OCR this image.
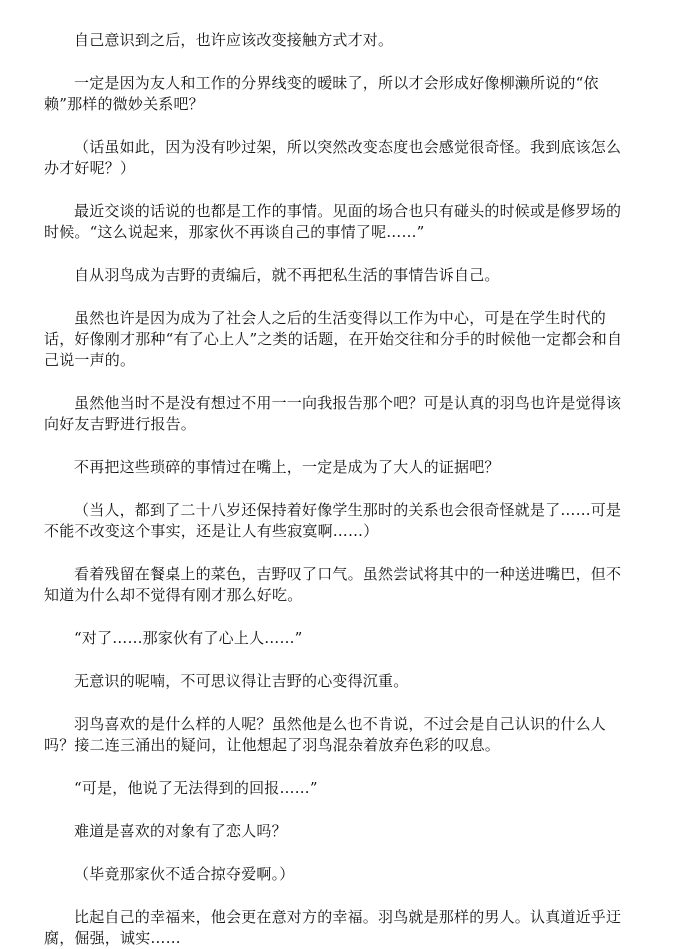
自己意识到之后，也许应该改变接触方式才对。

一定是因为友人和工作的分界线变的暧昧了，所以才会形成好像柳濑所说的“依赖”那样的微妙关系吧？

（话虽如此，因为没有吵过架，所以突然改变态度也会感觉很奇怪。我到底该怎么办才好呢？）

最近交谈的话说的也都是工作的事情。见面的场合也只有碰头的时候或是修罗场的时候。“这么说起来，那家伙不再谈自己的事情了呢……”

自从羽鸟成为吉野的责编后，就不再把私生活的事情告诉自己。

虽然也许是因为成为了社会人之后的生活变得以工作为中心，可是在学生时代的话，好像刚才那种“有了心上人”之类的话题，在开始交往和分手的时候他一定都会和自己说一声的。

虽然他当时不是没有想过不用一一向我报告那个吧？可是认真的羽鸟也许是觉得该向好友吉野进行报告。

不再把这些琐碎的事情过在嘴上，一定是成为了大人的证据吧？

（当人，都到了二十八岁还保持着好像学生那时的关系也会很奇怪就是了……可是不能不改变这个事实，还是让人有些寂寞啊……）

看着残留在餐桌上的菜色，吉野叹了口气。虽然尝试将其中的一种送进嘴巴，但不知道为什么却不觉得有刚才那么好吃。

“对了……那家伙有了心上人……”

无意识的呢喃，不可思议得让吉野的心变得沉重。

羽鸟喜欢的是什么样的人呢？虽然他是么也不肯说，不过会是自己认识的什么人吗？接二连三涌出的疑问，让他想起了羽鸟混杂着放弃色彩的叹息。

“可是，他说了无法得到的回报……”

难道是喜欢的对象有了恋人吗？

（毕竟那家伙不适合掠夺爱啊。）

比起自己的幸福来，他会更在意对方的幸福。羽鸟就是那样的男人。认真道近乎迂腐，倔强，诚实……
